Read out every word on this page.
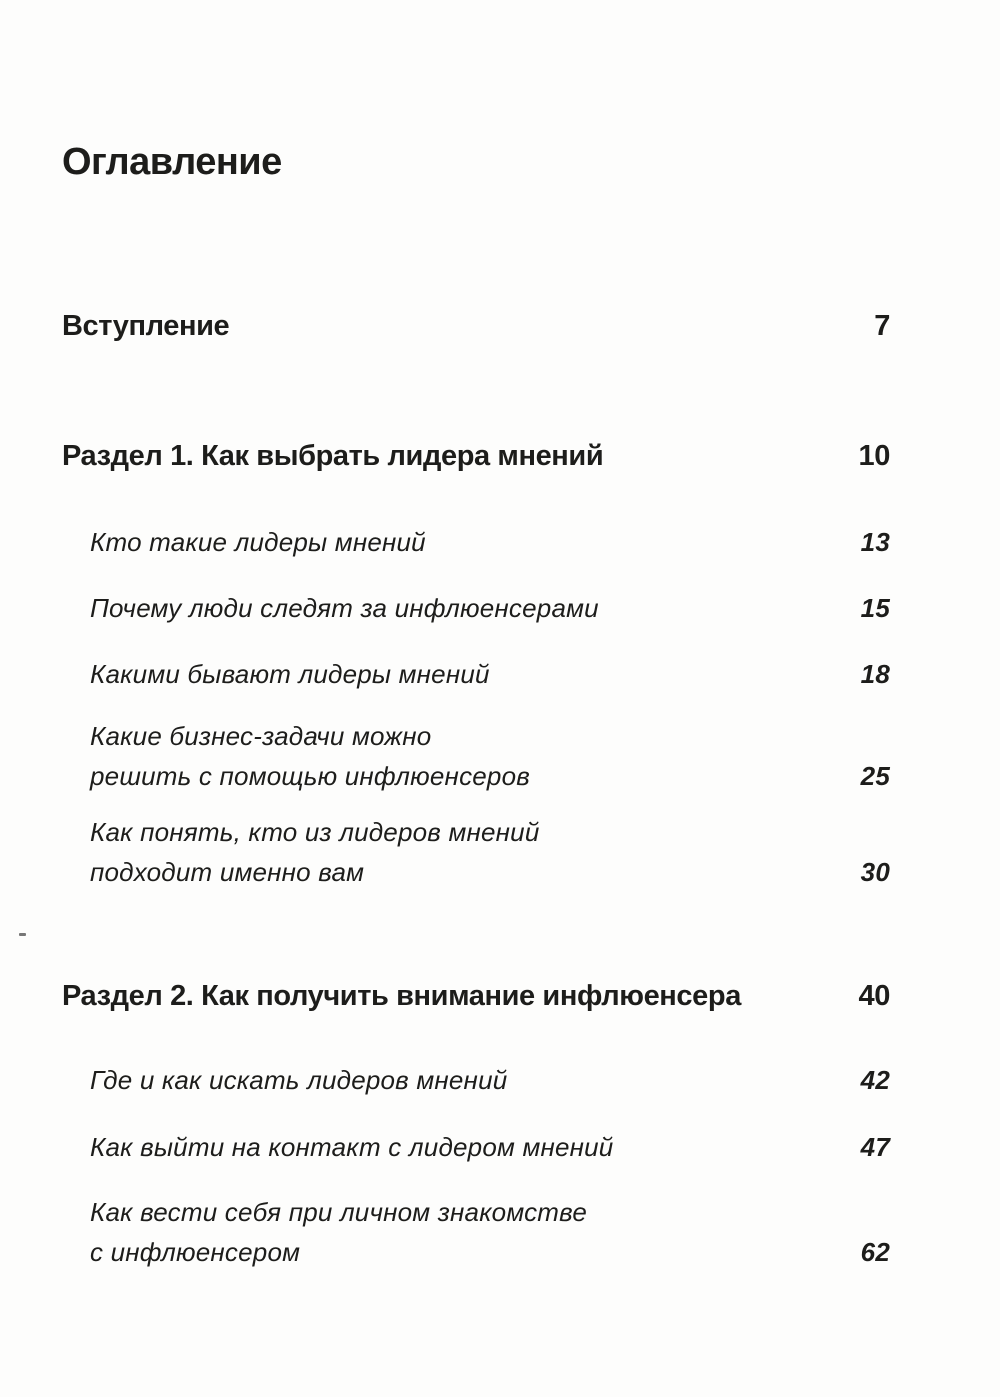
Оглавление
Вступление	7
Раздел 1. Как выбрать лидера мнений	10
Кто такие лидеры мнений	13
Почему люди следят за инфлюенсерами	15
Какими бывают лидеры мнений	18
Какие бизнес-задачи можно
решить с помощью инфлюенсеров	25
Как понять, кто из лидеров мнений
подходит именно вам	30
Раздел 2. Как получить внимание инфлюенсера	40
Где и как искать лидеров мнений	42
Как выйти на контакт с лидером мнений	47
Как вести себя при личном знакомстве
с инфлюенсером	62
